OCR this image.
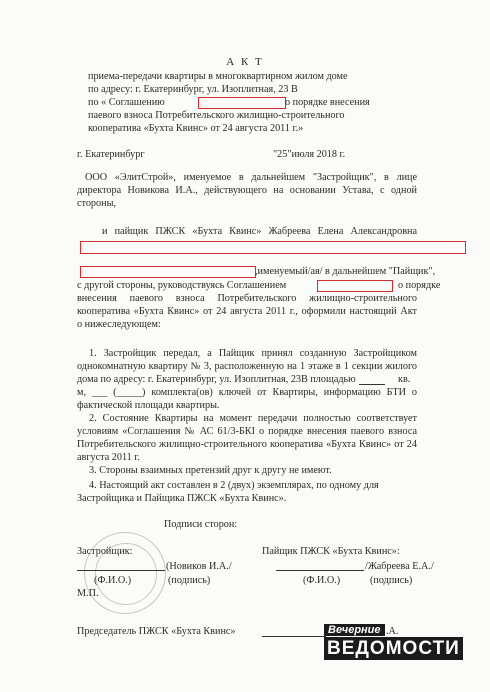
А К Т
приема-передачи квартиры в многоквартирном жилом доме
по адресу: г. Екатеринбург, ул. Изоплитная, 23 В
по « Соглашению	о порядке внесения
паевого взноса Потребительского жилищно-строительного
кооператива «Бухта Квинс» от 24 августа 2011 г.»
г. Екатеринбург	"25"июля 2018 г.
ООО «ЭлитСтрой», именуемое в дальнейшем "Застройщик", в лице
директора Новикова И.А., действующего на основании Устава, с одной
стороны,
и пайщик ПЖСК «Бухта Квинс» Жабреева Елена Александровна
,именуемый/ая/ в дальнейшем "Пайщик",
с другой стороны, руководствуясь Соглашением	о порядке
внесения паевого взноса Потребительского жилищно-строительного
кооператива «Бухта Квинс» от 24 августа 2011 г., оформили настоящий Акт
о нижеследующем:
1. Застройщик передал, а Пайщик принял созданную Застройщиком
однокомнатную квартиру № 3, расположенную на 1 этаже в 1 секции жилого
дома по адресу: г. Екатеринбург, ул. Изоплитная, 23В площадью	кв.
м, ___ (_____) комплекта(ов) ключей от Квартиры, информацию БТИ о
фактической площади квартиры.
2. Состояние Квартиры на момент передачи полностью соответствует
условиям «Соглашения № АС 61/3-БКI о порядке внесения паевого взноса
Потребительского жилищно-строительного кооператива «Бухта Квинс» от 24
августа 2011 г.
3. Стороны взаимных претензий друг к другу не имеют.
4. Настоящий акт составлен в 2 (двух) экземплярах, по одному для
Застройщика и Пайщика ПЖСК «Бухта Квинс».
Подписи сторон:
Застройщик:
(Новиков И.А./
(Ф.И.О.)	(подпись)
М.П.
Пайщик ПЖСК «Бухта Квинс»:
/Жабреева Е.А./
(Ф.И.О.)	(подпись)
Председатель ПЖСК «Бухта Квинс»	.А.
Вечерние
ВЕДОМОСТИ
